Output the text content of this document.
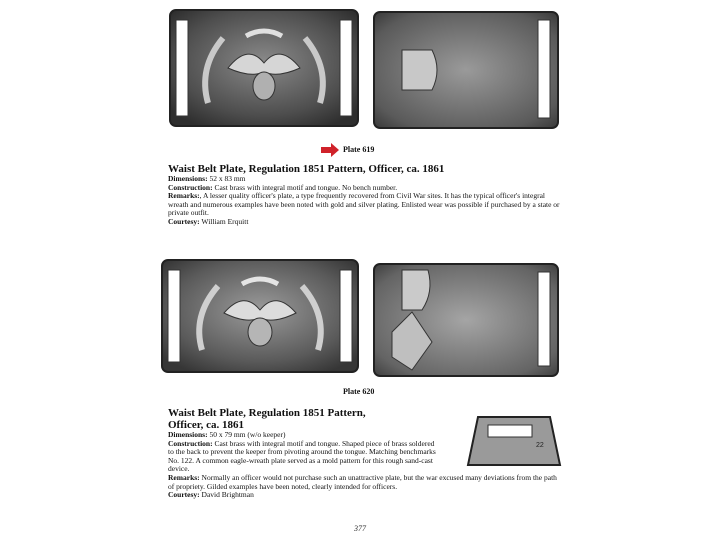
Plate 619
Waist Belt Plate, Regulation 1851 Pattern, Officer, ca. 1861

Dimensions: 52 x 83 mm

Construction: Cast brass with integral motif and tongue. No bench number.

Remarks:, A lesser quality officer's plate, a type frequently recovered from Civil War sites. It has the typical officer's integral wreath and numerous examples have been noted with gold and silver plating. Enlisted wear was possible if purchased by a state or private outfit.

Courtesy: William Erquitt

Plate 620
Waist Belt Plate, Regulation 1851 Pattern,
Officer, ca. 1861

Dimensions: 50 x 79 mm (w/o keeper)

Construction: Cast brass with integral motif and tongue. Shaped piece of brass soldered to the back to prevent the keeper from pivoting around the tongue. Matching benchmarks No. 122. A common eagle-wreath plate served as a mold pattern for this rough sand-cast device.

Remarks: Normally an officer would not purchase such an unattractive plate, but the war excused many deviations from the path of propriety. Gilded examples have been noted, clearly intended for officers.

Courtesy: David Brightman

22
377
